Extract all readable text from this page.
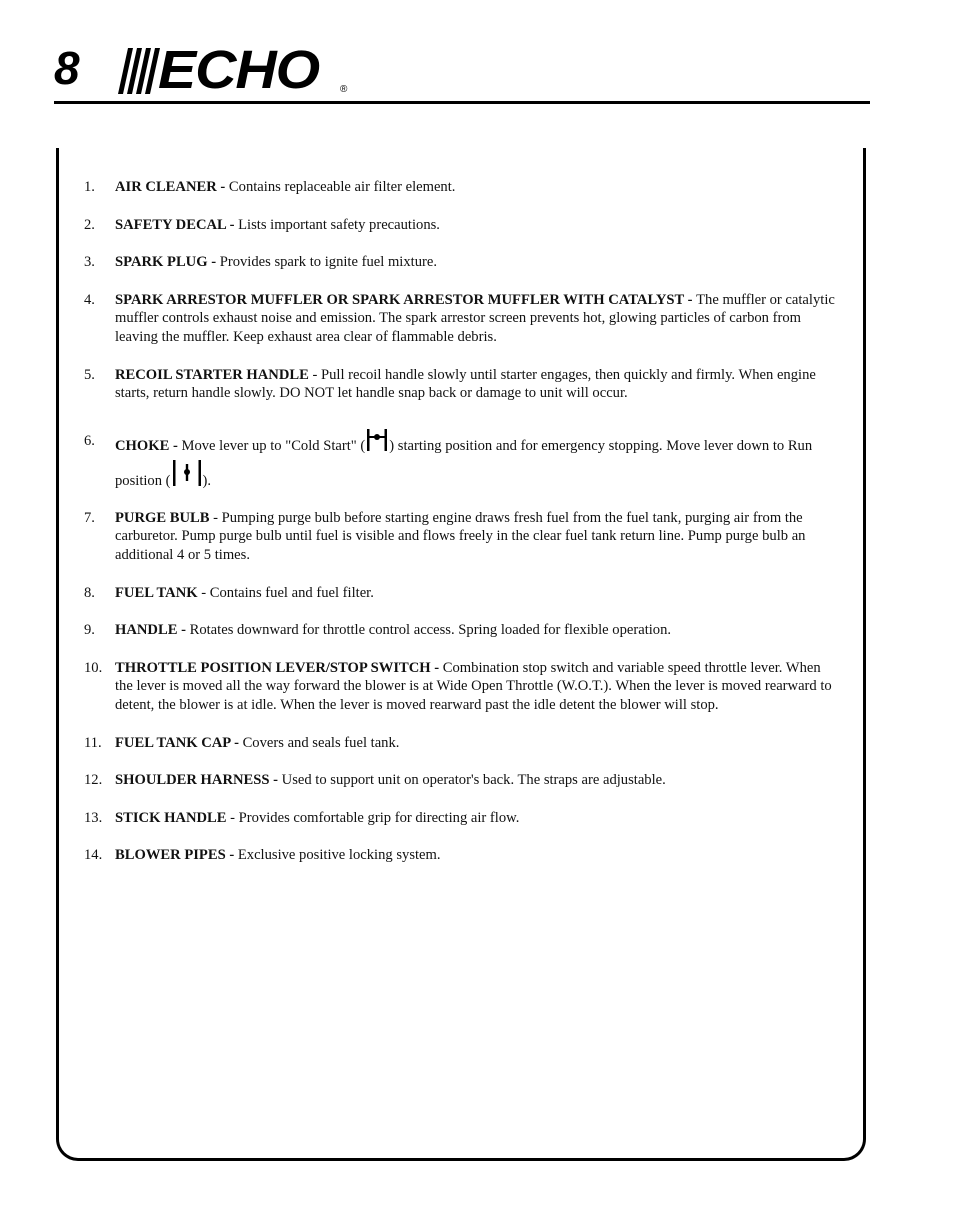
8 ECHO ®
1. AIR CLEANER - Contains replaceable air filter element.
2. SAFETY DECAL - Lists important safety precautions.
3. SPARK PLUG - Provides spark to ignite fuel mixture.
4. SPARK ARRESTOR MUFFLER OR SPARK ARRESTOR MUFFLER WITH CATALYST - The muffler or catalytic muffler controls exhaust noise and emission. The spark arrestor screen prevents hot, glowing particles of carbon from leaving the muffler. Keep exhaust area clear of flammable debris.
5. RECOIL STARTER HANDLE - Pull recoil handle slowly until starter engages, then quickly and firmly. When engine starts, return handle slowly. DO NOT let handle snap back or damage to unit will occur.
6. CHOKE - Move lever up to "Cold Start" ( ) starting position and for emergency stopping. Move lever down to Run position ( ).
7. PURGE BULB - Pumping purge bulb before starting engine draws fresh fuel from the fuel tank, purging air from the carburetor. Pump purge bulb until fuel is visible and flows freely in the clear fuel tank return line. Pump purge bulb an additional 4 or 5 times.
8. FUEL TANK - Contains fuel and fuel filter.
9. HANDLE - Rotates downward for throttle control access. Spring loaded for flexible operation.
10. THROTTLE POSITION LEVER/STOP SWITCH - Combination stop switch and variable speed throttle lever. When the lever is moved all the way forward the blower is at Wide Open Throttle (W.O.T.). When the lever is moved rearward to detent, the blower is at idle. When the lever is moved rearward past the idle detent the blower will stop.
11. FUEL TANK CAP - Covers and seals fuel tank.
12. SHOULDER HARNESS - Used to support unit on operator's back. The straps are adjustable.
13. STICK HANDLE - Provides comfortable grip for directing air flow.
14. BLOWER PIPES - Exclusive positive locking system.
